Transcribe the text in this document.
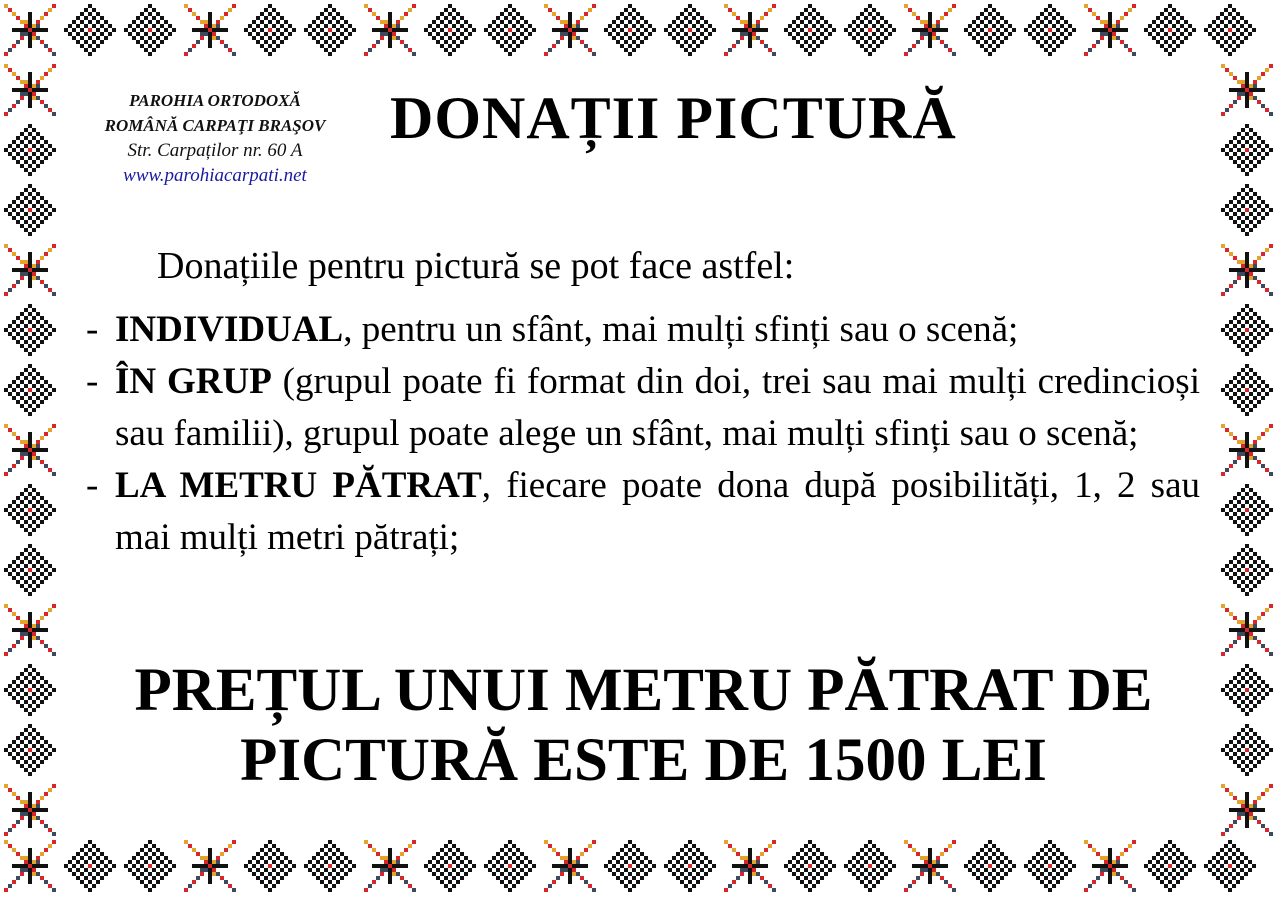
PAROHIA ORTODOXĂ
ROMÂNĂ CARPAŢI BRAŞOV
Str. Carpaților nr. 60 A
www.parohiacarpati.net
DONAȚII PICTURĂ
Donațiile pentru pictură se pot face astfel:
- INDIVIDUAL, pentru un sfânt, mai mulți sfinți sau o scenă;
- ÎN GRUP (grupul poate fi format din doi, trei sau mai mulți credincioși sau familii), grupul poate alege un sfânt, mai mulți sfinți sau o scenă;
- LA METRU PĂTRAT, fiecare poate dona după posibilități, 1, 2 sau mai mulți metri pătrați;
PREȚUL UNUI METRU PĂTRAT DE
PICTURĂ ESTE DE 1500 LEI
